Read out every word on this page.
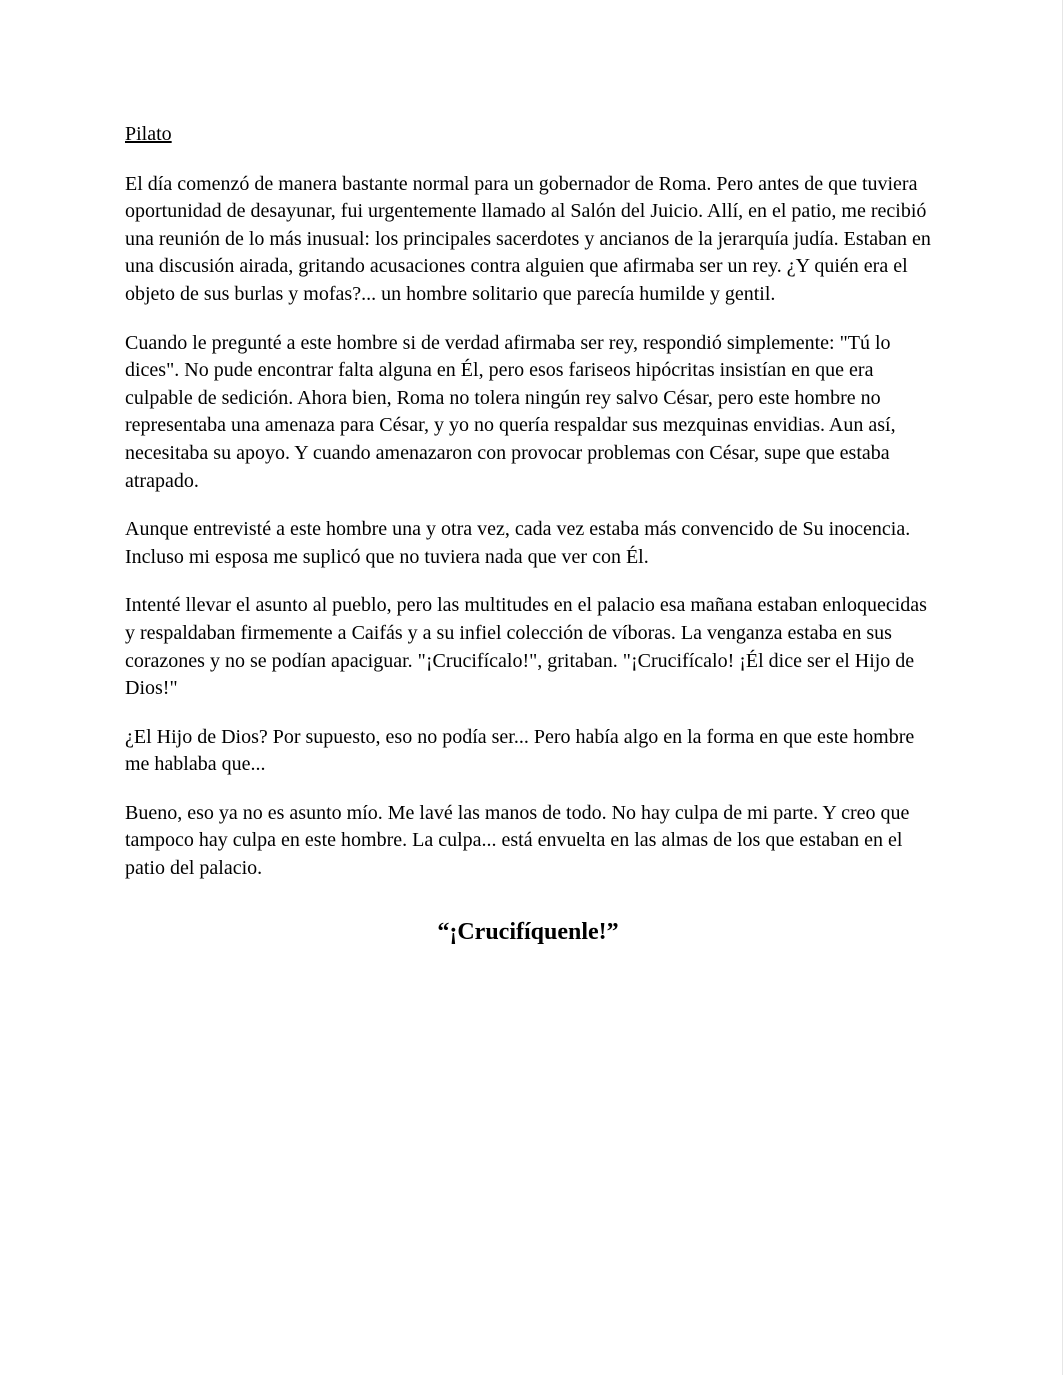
Pilato

El día comenzó de manera bastante normal para un gobernador de Roma. Pero antes de que tuviera oportunidad de desayunar, fui urgentemente llamado al Salón del Juicio. Allí, en el patio, me recibió una reunión de lo más inusual: los principales sacerdotes y ancianos de la jerarquía judía. Estaban en una discusión airada, gritando acusaciones contra alguien que afirmaba ser un rey. ¿Y quién era el objeto de sus burlas y mofas?... un hombre solitario que parecía humilde y gentil.

Cuando le pregunté a este hombre si de verdad afirmaba ser rey, respondió simplemente: "Tú lo dices". No pude encontrar falta alguna en Él, pero esos fariseos hipócritas insistían en que era culpable de sedición. Ahora bien, Roma no tolera ningún rey salvo César, pero este hombre no representaba una amenaza para César, y yo no quería respaldar sus mezquinas envidias. Aun así, necesitaba su apoyo. Y cuando amenazaron con provocar problemas con César, supe que estaba atrapado.

Aunque entrevisté a este hombre una y otra vez, cada vez estaba más convencido de Su inocencia. Incluso mi esposa me suplicó que no tuviera nada que ver con Él.

Intenté llevar el asunto al pueblo, pero las multitudes en el palacio esa mañana estaban enloquecidas y respaldaban firmemente a Caifás y a su infiel colección de víboras. La venganza estaba en sus corazones y no se podían apaciguar. "¡Crucifícalo!", gritaban. "¡Crucifícalo! ¡Él dice ser el Hijo de Dios!"

¿El Hijo de Dios? Por supuesto, eso no podía ser... Pero había algo en la forma en que este hombre me hablaba que...

Bueno, eso ya no es asunto mío. Me lavé las manos de todo. No hay culpa de mi parte. Y creo que tampoco hay culpa en este hombre. La culpa... está envuelta en las almas de los que estaban en el patio del palacio.

“¡Crucifíquenle!”
